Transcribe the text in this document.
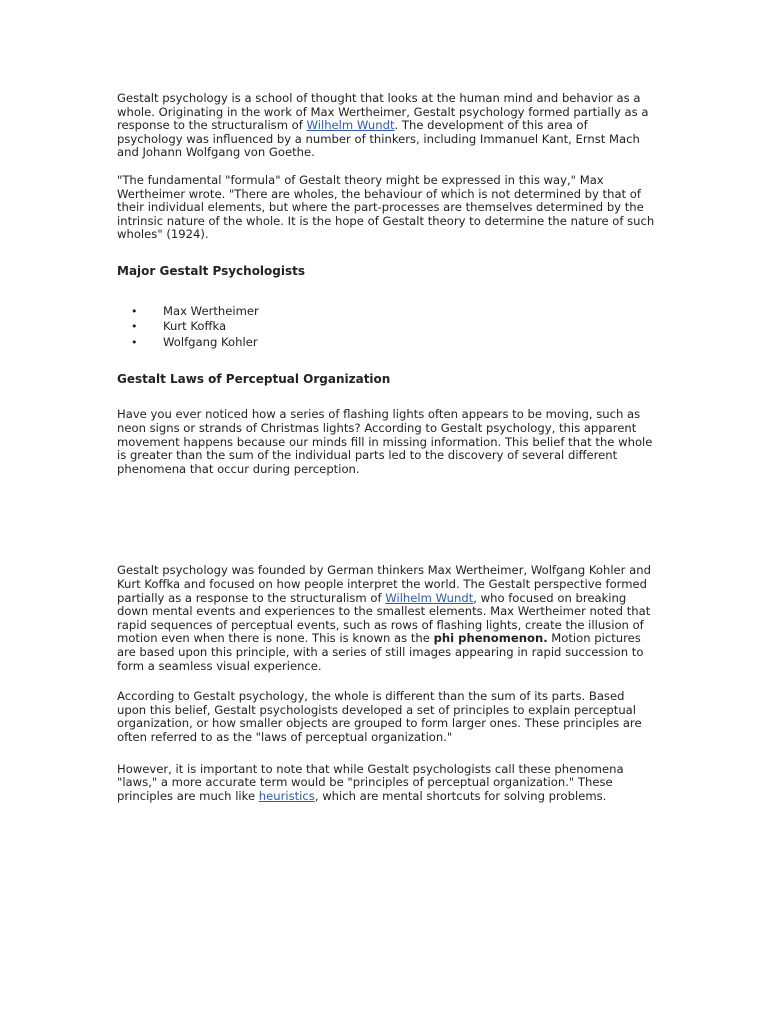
Gestalt psychology is a school of thought that looks at the human mind and behavior as a whole. Originating in the work of Max Wertheimer, Gestalt psychology formed partially as a response to the structuralism of Wilhelm Wundt. The development of this area of psychology was influenced by a number of thinkers, including Immanuel Kant, Ernst Mach and Johann Wolfgang von Goethe.

"The fundamental "formula" of Gestalt theory might be expressed in this way," Max Wertheimer wrote. "There are wholes, the behaviour of which is not determined by that of their individual elements, but where the part-processes are themselves determined by the intrinsic nature of the whole. It is the hope of Gestalt theory to determine the nature of such wholes" (1924).

Major Gestalt Psychologists
• Max Wertheimer
• Kurt Koffka
• Wolfgang Kohler
Gestalt Laws of Perceptual Organization

Have you ever noticed how a series of flashing lights often appears to be moving, such as neon signs or strands of Christmas lights? According to Gestalt psychology, this apparent movement happens because our minds fill in missing information. This belief that the whole is greater than the sum of the individual parts led to the discovery of several different phenomena that occur during perception.

Gestalt psychology was founded by German thinkers Max Wertheimer, Wolfgang Kohler and Kurt Koffka and focused on how people interpret the world. The Gestalt perspective formed partially as a response to the structuralism of Wilhelm Wundt, who focused on breaking down mental events and experiences to the smallest elements. Max Wertheimer noted that rapid sequences of perceptual events, such as rows of flashing lights, create the illusion of motion even when there is none. This is known as the phi phenomenon. Motion pictures are based upon this principle, with a series of still images appearing in rapid succession to form a seamless visual experience.

According to Gestalt psychology, the whole is different than the sum of its parts. Based upon this belief, Gestalt psychologists developed a set of principles to explain perceptual organization, or how smaller objects are grouped to form larger ones. These principles are often referred to as the "laws of perceptual organization."

However, it is important to note that while Gestalt psychologists call these phenomena "laws," a more accurate term would be "principles of perceptual organization." These principles are much like heuristics, which are mental shortcuts for solving problems.
